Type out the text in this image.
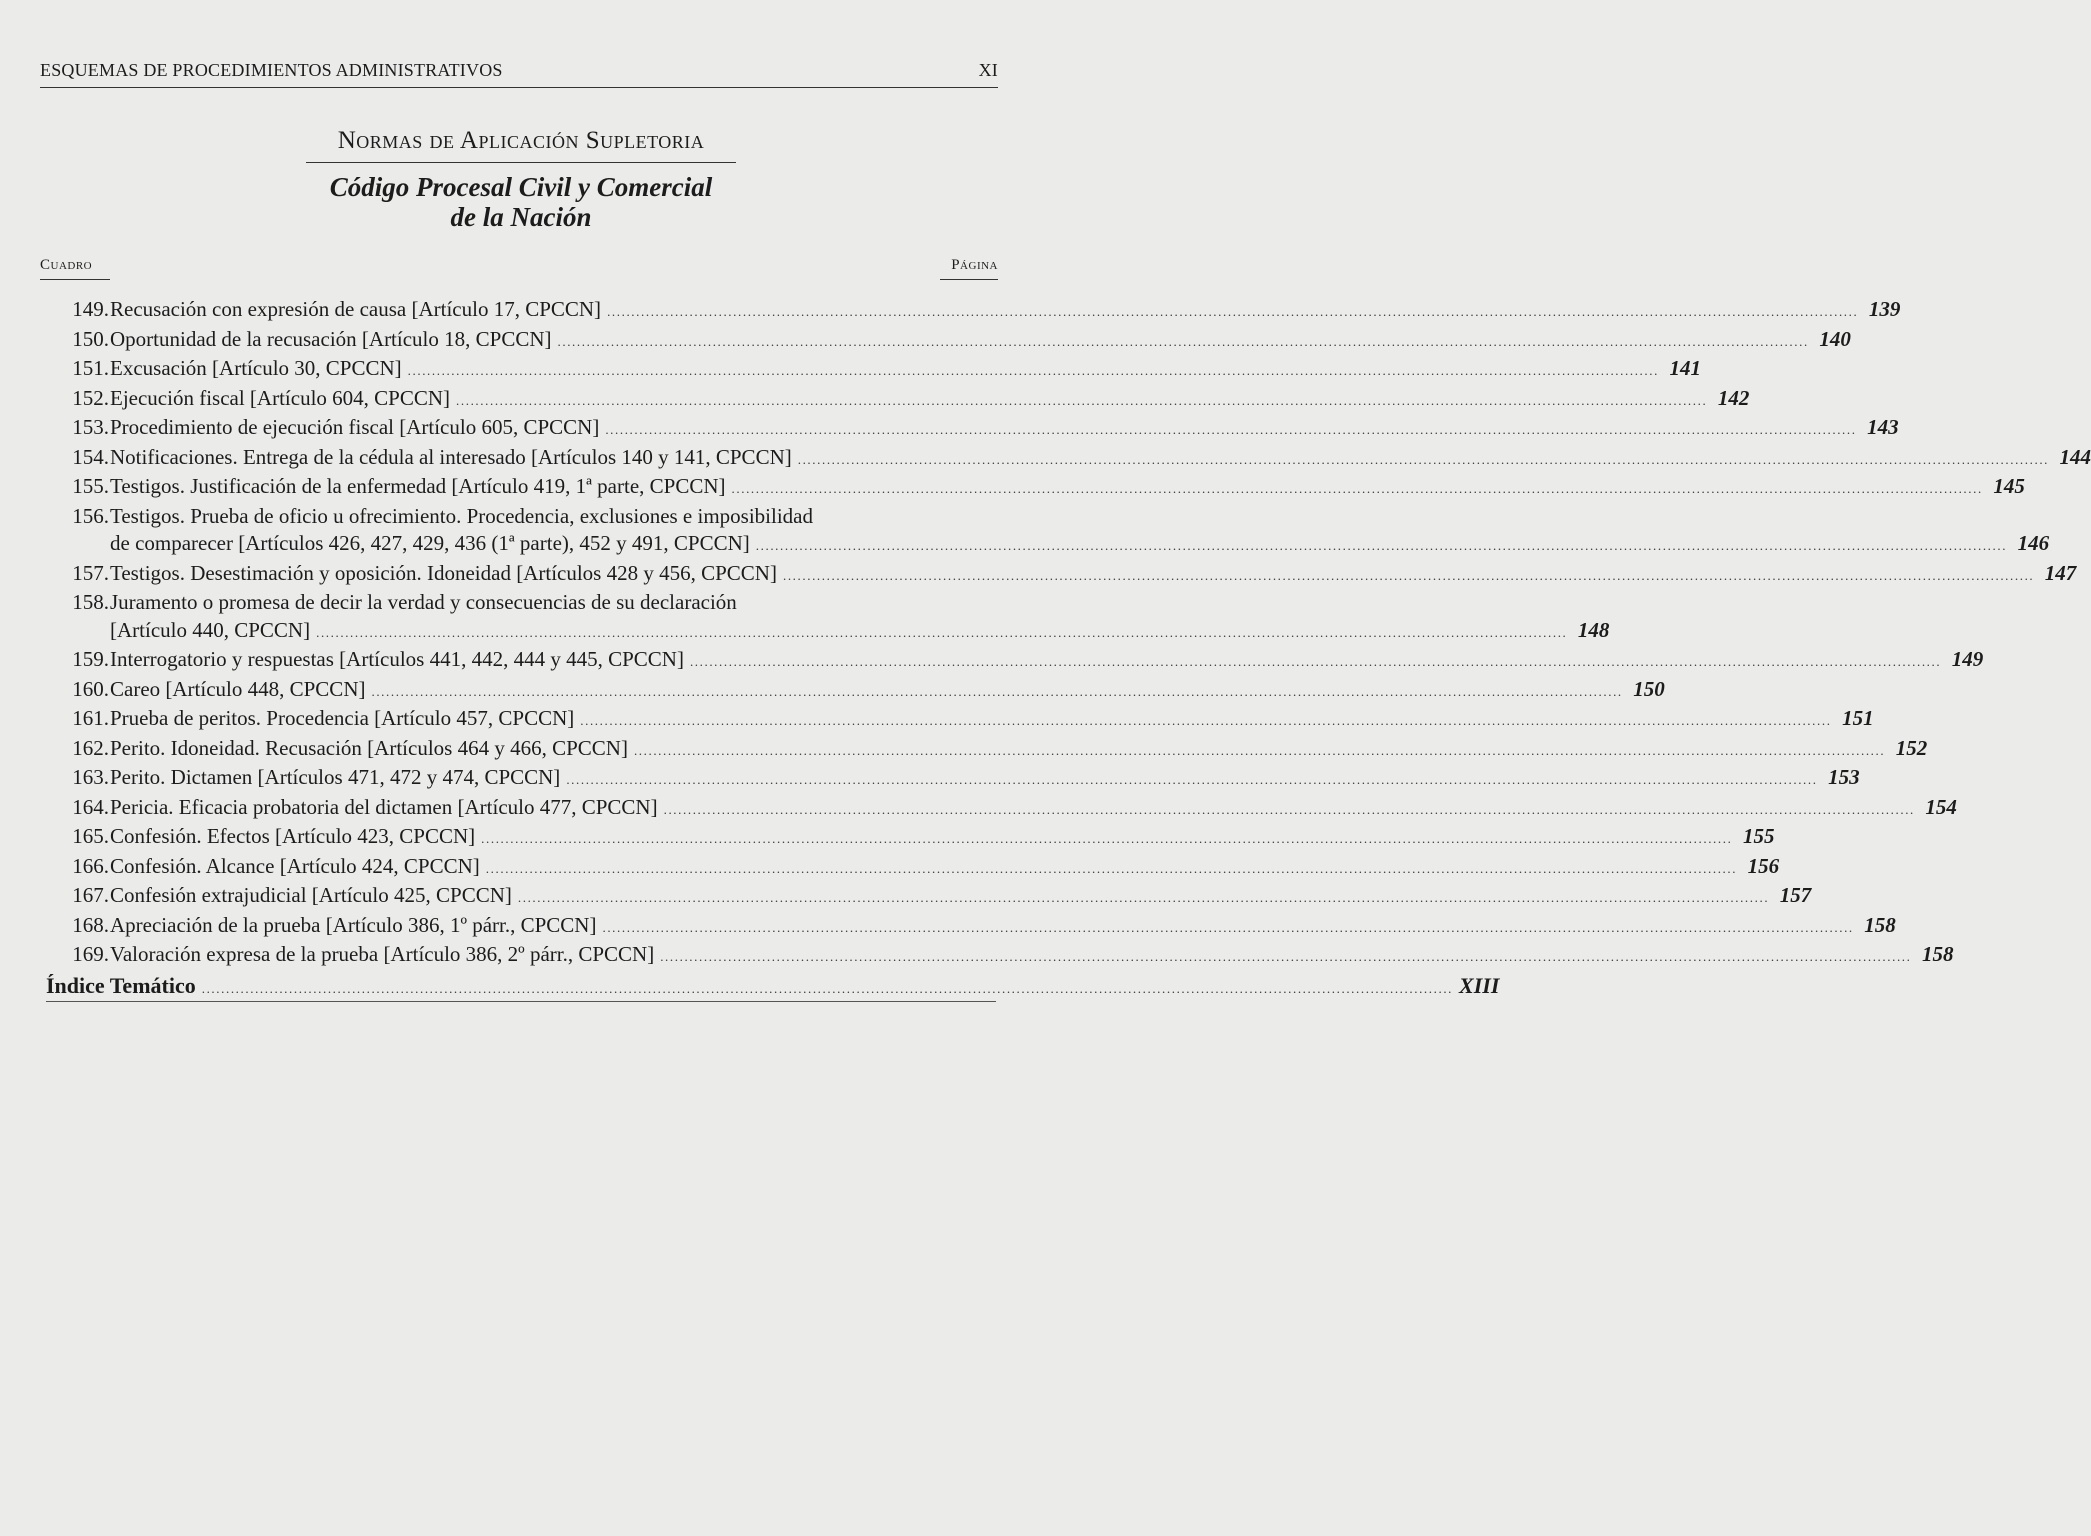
ESQUEMAS DE PROCEDIMIENTOS ADMINISTRATIVOS	XI
Normas de Aplicación Supletoria
Código Procesal Civil y Comercial
de la Nación
Cuadro	Página
149. Recusación con expresión de causa [Artículo 17, CPCCN] .....	139
150. Oportunidad de la recusación [Artículo 18, CPCCN] .....	140
151. Excusación [Artículo 30, CPCCN] .....	141
152. Ejecución fiscal [Artículo 604, CPCCN] .....	142
153. Procedimiento de ejecución fiscal [Artículo 605, CPCCN] .....	143
154. Notificaciones. Entrega de la cédula al interesado [Artículos 140 y 141, CPCCN] .....	144
155. Testigos. Justificación de la enfermedad [Artículo 419, 1ª parte, CPCCN] .....	145
156. Testigos. Prueba de oficio u ofrecimiento. Procedencia, exclusiones e imposibilidad
de comparecer [Artículos 426, 427, 429, 436 (1ª parte), 452 y 491, CPCCN] .....	146
157. Testigos. Desestimación y oposición. Idoneidad [Artículos 428 y 456, CPCCN] .....	147
158. Juramento o promesa de decir la verdad y consecuencias de su declaración
[Artículo 440, CPCCN] .....	148
159. Interrogatorio y respuestas [Artículos 441, 442, 444 y 445, CPCCN] .....	149
160. Careo [Artículo 448, CPCCN] .....	150
161. Prueba de peritos. Procedencia [Artículo 457, CPCCN] .....	151
162. Perito. Idoneidad. Recusación [Artículos 464 y 466, CPCCN] .....	152
163. Perito. Dictamen [Artículos 471, 472 y 474, CPCCN] .....	153
164. Pericia. Eficacia probatoria del dictamen [Artículo 477, CPCCN] .....	154
165. Confesión. Efectos [Artículo 423, CPCCN] .....	155
166. Confesión. Alcance [Artículo 424, CPCCN] .....	156
167. Confesión extrajudicial [Artículo 425, CPCCN] .....	157
168. Apreciación de la prueba [Artículo 386, 1º párr., CPCCN] .....	158
169. Valoración expresa de la prueba [Artículo 386, 2º párr., CPCCN] .....	158
Índice Temático .....	XIII
